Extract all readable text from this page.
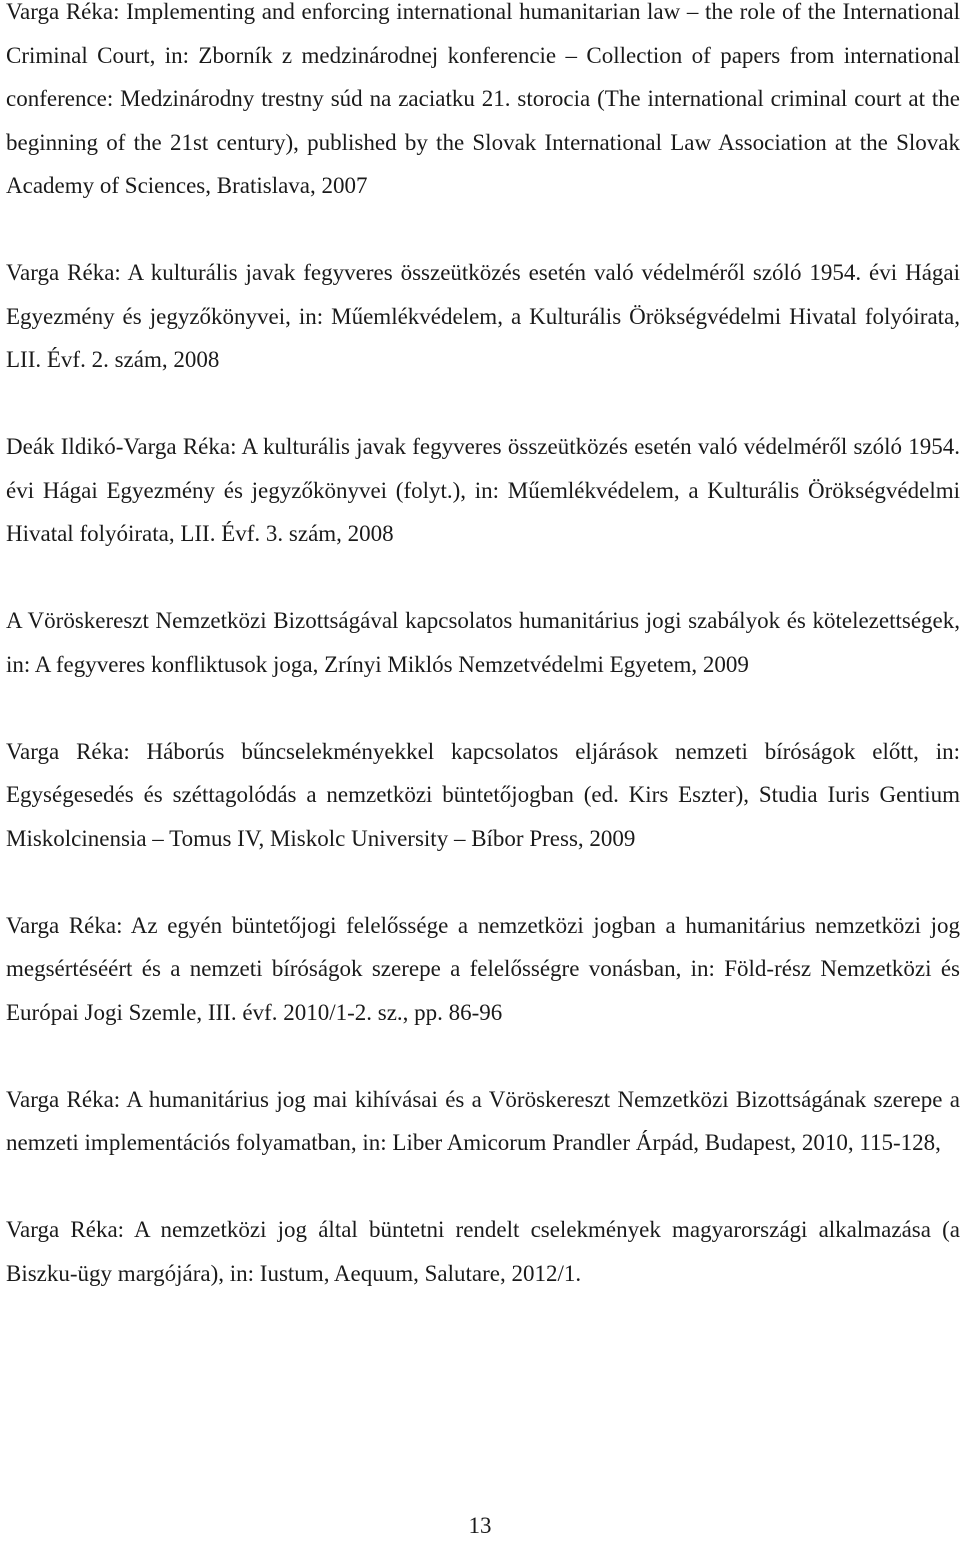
Varga Réka: Implementing and enforcing international humanitarian law – the role of the International Criminal Court, in: Zborník z medzinárodnej konferencie – Collection of papers from international conference: Medzinárodny trestny súd na zaciatku 21. storocia (The international criminal court at the beginning of the 21st century), published by the Slovak International Law Association at the Slovak Academy of Sciences, Bratislava, 2007

Varga Réka: A kulturális javak fegyveres összeütközés esetén való védelméről szóló 1954. évi Hágai Egyezmény és jegyzőkönyvei, in: Műemlékvédelem, a Kulturális Örökségvédelmi Hivatal folyóirata, LII. Évf. 2. szám, 2008

Deák Ildikó-Varga Réka: A kulturális javak fegyveres összeütközés esetén való védelméről szóló 1954. évi Hágai Egyezmény és jegyzőkönyvei (folyt.), in: Műemlékvédelem, a Kulturális Örökségvédelmi Hivatal folyóirata, LII. Évf. 3. szám, 2008

A Vöröskereszt Nemzetközi Bizottságával kapcsolatos humanitárius jogi szabályok és kötelezettségek, in: A fegyveres konfliktusok joga, Zrínyi Miklós Nemzetvédelmi Egyetem, 2009

Varga Réka: Háborús bűncselekményekkel kapcsolatos eljárások nemzeti bíróságok előtt, in: Egységesedés és széttagolódás a nemzetközi büntetőjogban (ed. Kirs Eszter), Studia Iuris Gentium Miskolcinensia – Tomus IV, Miskolc University – Bíbor Press, 2009

Varga Réka: Az egyén büntetőjogi felelőssége a nemzetközi jogban a humanitárius nemzetközi jog megsértéséért és a nemzeti bíróságok szerepe a felelősségre vonásban, in: Föld-rész Nemzetközi és Európai Jogi Szemle, III. évf. 2010/1-2. sz., pp. 86-96

Varga Réka: A humanitárius jog mai kihívásai és a Vöröskereszt Nemzetközi Bizottságának szerepe a nemzeti implementációs folyamatban, in: Liber Amicorum Prandler Árpád, Budapest, 2010, 115-128,

Varga Réka: A nemzetközi jog által büntetni rendelt cselekmények magyarországi alkalmazása (a Biszku-ügy margójára), in: Iustum, Aequum, Salutare, 2012/1.

13
